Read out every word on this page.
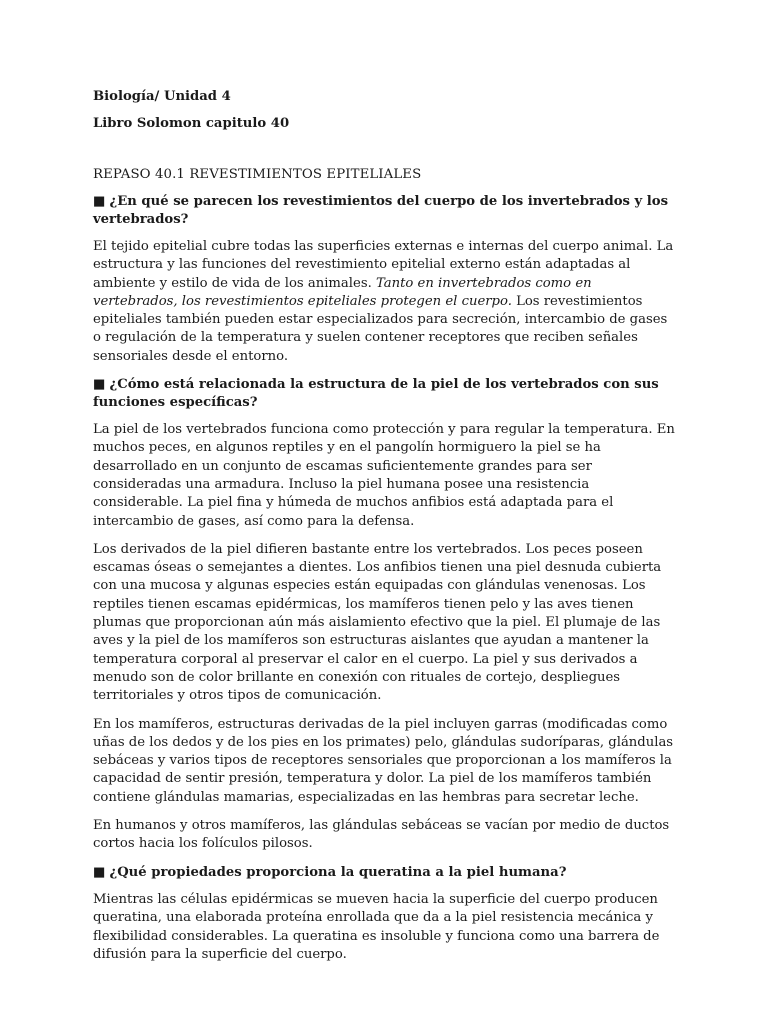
Biología/ Unidad 4

Libro Solomon capitulo 40

REPASO 40.1 REVESTIMIENTOS EPITELIALES

■ ¿En qué se parecen los revestimientos del cuerpo de los invertebrados y los vertebrados?

El tejido epitelial cubre todas las superficies externas e internas del cuerpo animal. La estructura y las funciones del revestimiento epitelial externo están adaptadas al ambiente y estilo de vida de los animales. Tanto en invertebrados como en vertebrados, los revestimientos epiteliales protegen el cuerpo. Los revestimientos epiteliales también pueden estar especializados para secreción, intercambio de gases o regulación de la temperatura y suelen contener receptores que reciben señales sensoriales desde el entorno.

■ ¿Cómo está relacionada la estructura de la piel de los vertebrados con sus funciones específicas?

La piel de los vertebrados funciona como protección y para regular la temperatura. En muchos peces, en algunos reptiles y en el pangolín hormiguero la piel se ha desarrollado en un conjunto de escamas suficientemente grandes para ser consideradas una armadura. Incluso la piel humana posee una resistencia considerable. La piel fina y húmeda de muchos anfibios está adaptada para el intercambio de gases, así como para la defensa.

Los derivados de la piel difieren bastante entre los vertebrados. Los peces poseen escamas óseas o semejantes a dientes. Los anfibios tienen una piel desnuda cubierta con una mucosa y algunas especies están equipadas con glándulas venenosas. Los reptiles tienen escamas epidérmicas, los mamíferos tienen pelo y las aves tienen plumas que proporcionan aún más aislamiento efectivo que la piel. El plumaje de las aves y la piel de los mamíferos son estructuras aislantes que ayudan a mantener la temperatura corporal al preservar el calor en el cuerpo. La piel y sus derivados a menudo son de color brillante en conexión con rituales de cortejo, despliegues territoriales y otros tipos de comunicación.

En los mamíferos, estructuras derivadas de la piel incluyen garras (modificadas como uñas de los dedos y de los pies en los primates) pelo, glándulas sudoríparas, glándulas sebáceas y varios tipos de receptores sensoriales que proporcionan a los mamíferos la capacidad de sentir presión, temperatura y dolor. La piel de los mamíferos también contiene glándulas mamarias, especializadas en las hembras para secretar leche.

En humanos y otros mamíferos, las glándulas sebáceas se vacían por medio de ductos cortos hacia los folículos pilosos.

■ ¿Qué propiedades proporciona la queratina a la piel humana?

Mientras las células epidérmicas se mueven hacia la superficie del cuerpo producen queratina, una elaborada proteína enrollada que da a la piel resistencia mecánica y flexibilidad considerables. La queratina es insoluble y funciona como una barrera de difusión para la superficie del cuerpo.
